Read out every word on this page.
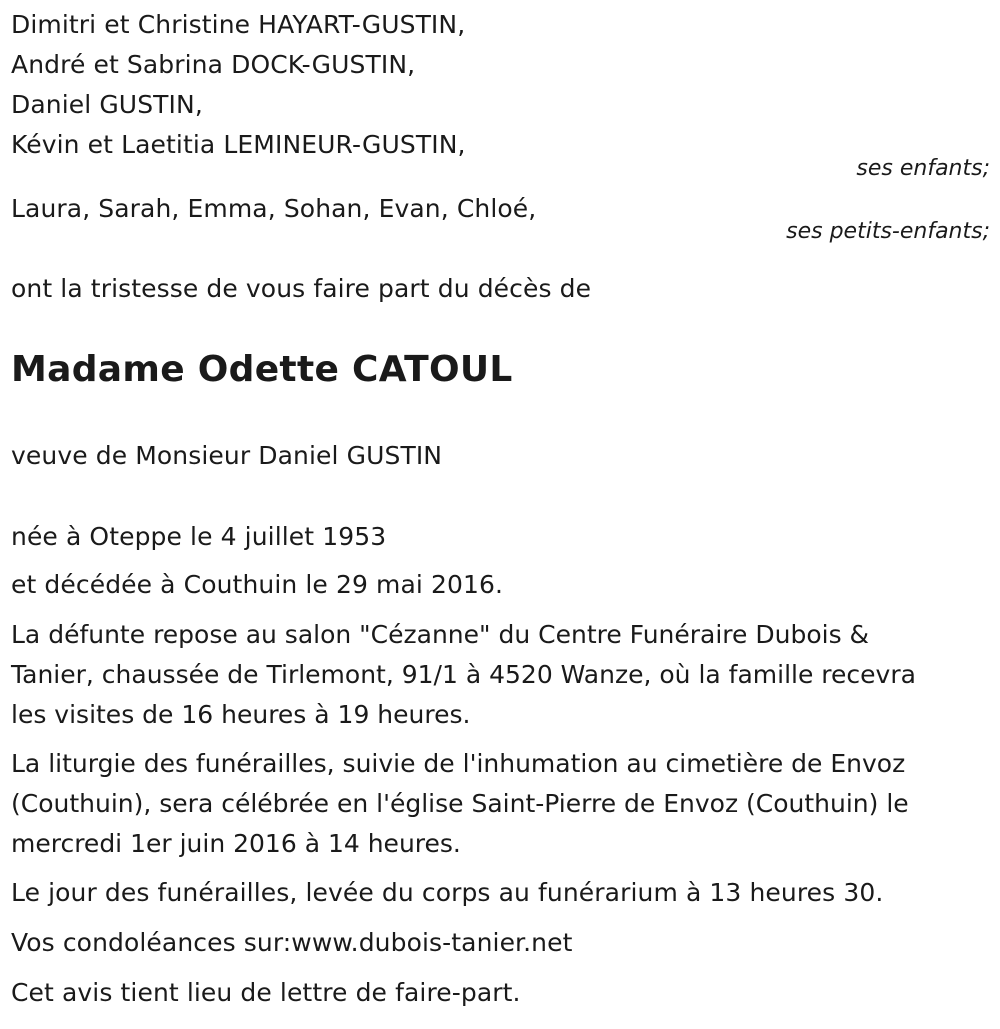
Dimitri et Christine HAYART-GUSTIN,
André et Sabrina DOCK-GUSTIN,
Daniel GUSTIN,
Kévin et Laetitia LEMINEUR-GUSTIN,
ses enfants;
Laura, Sarah, Emma, Sohan, Evan, Chloé,
ses petits-enfants;
ont la tristesse de vous faire part du décès de
Madame Odette CATOUL
veuve de Monsieur Daniel GUSTIN
née à Oteppe le 4 juillet 1953
et décédée à Couthuin le 29 mai 2016.
La défunte repose au salon "Cézanne" du Centre Funéraire Dubois &
Tanier, chaussée de Tirlemont, 91/1 à 4520 Wanze, où la famille recevra
les visites de 16 heures à 19 heures.
La liturgie des funérailles, suivie de l'inhumation au cimetière de Envoz
(Couthuin), sera célébrée en l'église Saint-Pierre de Envoz (Couthuin) le
mercredi 1er juin 2016 à 14 heures.
Le jour des funérailles, levée du corps au funérarium à 13 heures 30.
Vos condoléances sur:www.dubois-tanier.net
Cet avis tient lieu de lettre de faire-part.
